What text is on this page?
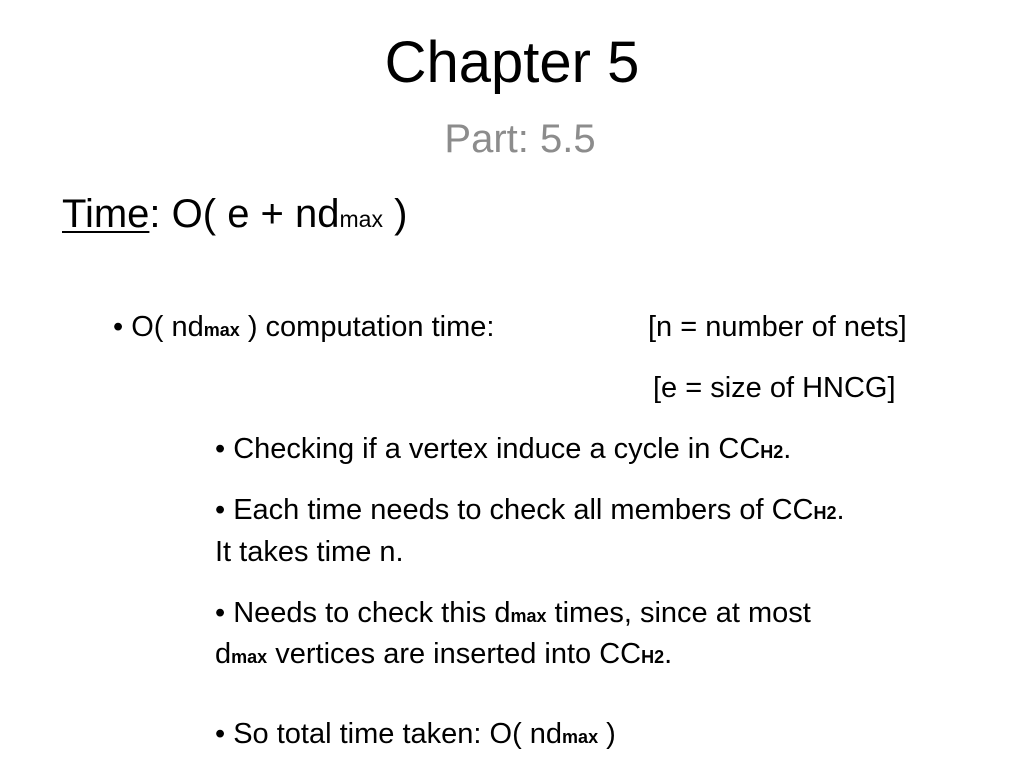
Chapter 5
Part: 5.5
Time: O( e + ndmax )
• O( ndmax ) computation time:	[n = number of nets]
[e = size of HNCG]
• Checking if a vertex induce a cycle in CCH2.
• Each time needs to check all members of CCH2.
It takes time n.
• Needs to check this dmax times, since at most
dmax vertices are inserted into CCH2.
• So total time taken: O( ndmax )
